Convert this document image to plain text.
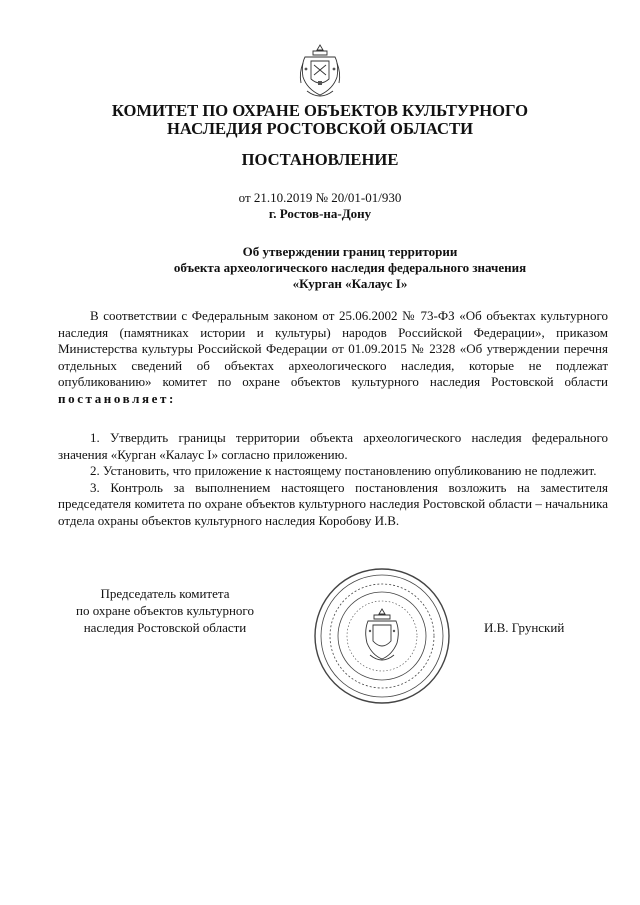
КОМИТЕТ ПО ОХРАНЕ ОБЪЕКТОВ КУЛЬТУРНОГО
НАСЛЕДИЯ РОСТОВСКОЙ ОБЛАСТИ
ПОСТАНОВЛЕНИЕ
от 21.10.2019 № 20/01-01/930
г. Ростов-на-Дону
Об утверждении границ территории
объекта археологического наследия федерального значения
«Курган «Калаус I»

В соответствии с Федеральным законом от 25.06.2002 № 73-ФЗ «Об объектах культурного наследия (памятниках истории и культуры) народов Российской Федерации», приказом Министерства культуры Российской Федерации от 01.09.2015 № 2328 «Об утверждении перечня отдельных сведений об объектах археологического наследия, которые не подлежат опубликованию» комитет по охране объектов культурного наследия Ростовской области постановляет:

1. Утвердить границы территории объекта археологического наследия федерального значения «Курган «Калаус I» согласно приложению.

2. Установить, что приложение к настоящему постановлению опубликованию не подлежит.

3. Контроль за выполнением настоящего постановления возложить на заместителя председателя комитета по охране объектов культурного наследия Ростовской области – начальника отдела охраны объектов культурного наследия Коробову И.В.

Председатель комитета
по охране объектов культурного
наследия Ростовской области	И.В. Грунский
